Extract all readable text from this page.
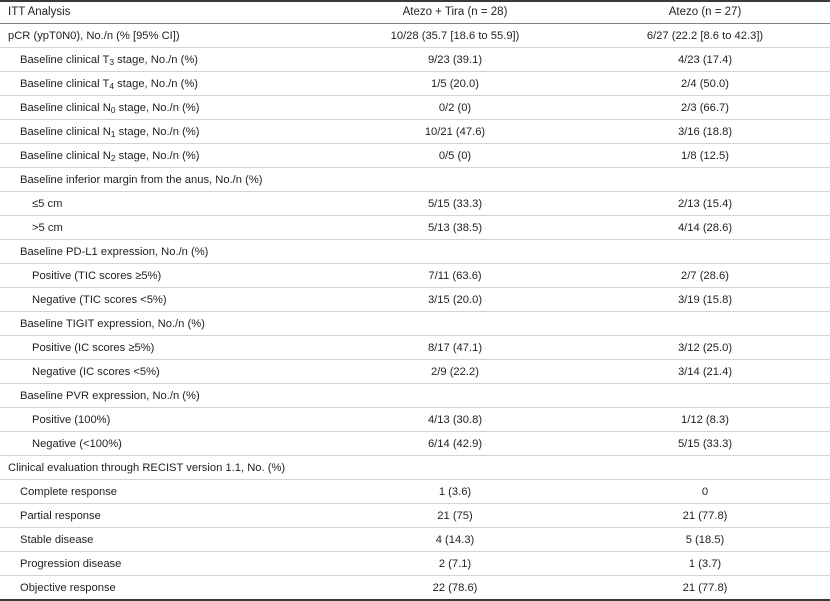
ITT Analysis	Atezo + Tira (n = 28)	Atezo (n = 27)
pCR (ypT0N0), No./n (% [95% CI])	10/28 (35.7 [18.6 to 55.9])	6/27 (22.2 [8.6 to 42.3])
Baseline clinical $T_3$ stage, No./n (%)	9/23 (39.1)	4/23 (17.4)
Baseline clinical $T_4$ stage, No./n (%)	1/5 (20.0)	2/4 (50.0)
Baseline clinical $N_0$ stage, No./n (%)	0/2 (0)	2/3 (66.7)
Baseline clinical $N_1$ stage, No./n (%)	10/21 (47.6)	3/16 (18.8)
Baseline clinical $N_2$ stage, No./n (%)	0/5 (0)	1/8 (12.5)
Baseline inferior margin from the anus, No./n (%)		
≤5 cm	5/15 (33.3)	2/13 (15.4)
>5 cm	5/13 (38.5)	4/14 (28.6)
Baseline PD-L1 expression, No./n (%)		
Positive (TIC scores ≥5%)	7/11 (63.6)	2/7 (28.6)
Negative (TIC scores <5%)	3/15 (20.0)	3/19 (15.8)
Baseline TIGIT expression, No./n (%)		
Positive (IC scores ≥5%)	8/17 (47.1)	3/12 (25.0)
Negative (IC scores <5%)	2/9 (22.2)	3/14 (21.4)
Baseline PVR expression, No./n (%)		
Positive (100%)	4/13 (30.8)	1/12 (8.3)
Negative (<100%)	6/14 (42.9)	5/15 (33.3)
Clinical evaluation through RECIST version 1.1, No. (%)		
Complete response	1 (3.6)	0
Partial response	21 (75)	21 (77.8)
Stable disease	4 (14.3)	5 (18.5)
Progression disease	2 (7.1)	1 (3.7)
Objective response	22 (78.6)	21 (77.8)
